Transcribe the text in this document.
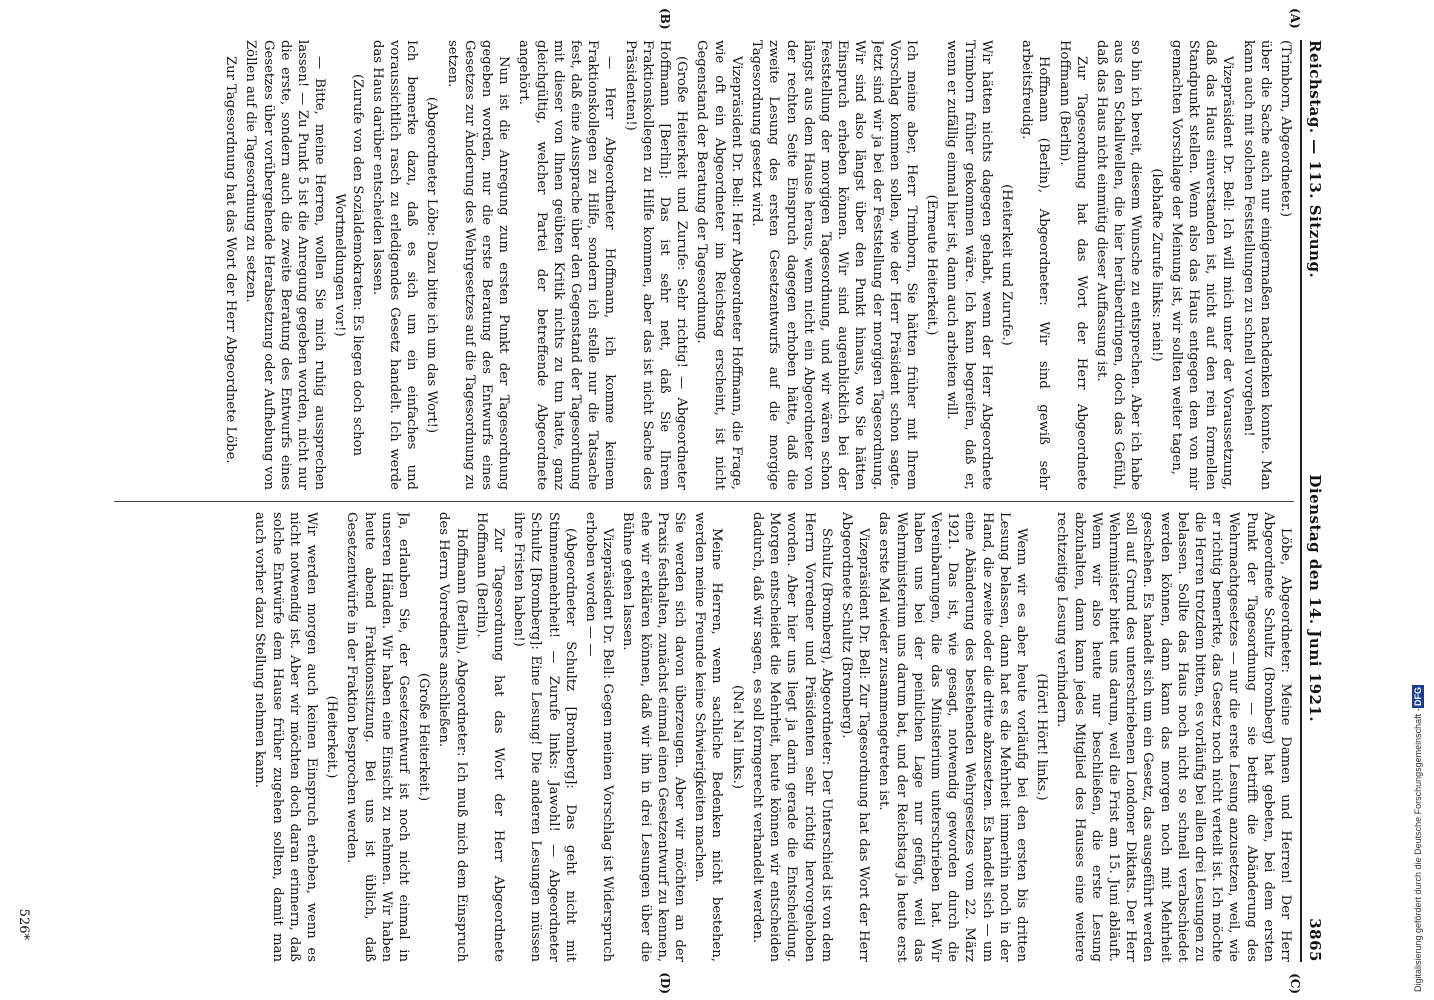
Reichstag. — 113. Sitzung.
Dienstag den 14. Juni 1921.
3865

(Trimborn, Abgeordneter.)

über die Sache auch nur einigermaßen nachdenken konnte. Man kann auch mit solchen Feststellungen zu schnell vorgehen!

Vizepräsident Dr. Bell: Ich will mich unter der Voraussetzung, daß das Haus einverstanden ist, nicht auf den rein formellen Standpunkt stellen. Wenn also das Haus entgegen dem von mir gemachten Vorschlage der Meinung ist, wir sollten weiter tagen,

(lebhafte Zurufe links: nein!)

so bin ich bereit, diesem Wunsche zu entsprechen. Aber ich habe aus den Schallwellen, die hier herüberdringen, doch das Gefühl, daß das Haus nicht einmütig dieser Auffassung ist.

Zur Tagesordnung hat das Wort der Herr Abgeordnete Hoffmann (Berlin).

Hoffmann (Berlin), Abgeordneter: Wir sind gewiß sehr arbeitsfreudig.

(Heiterkeit und Zurufe.)

Wir hätten nichts dagegen gehabt, wenn der Herr Abgeordnete Trimborn früher gekommen wäre. Ich kann begreifen, daß er, wenn er zufällig einmal hier ist, dann auch arbeiten will.

(Erneute Heiterkeit.)

Ich meine aber, Herr Trimborn, Sie hätten früher mit Ihrem Vorschlag kommen sollen, wie der Herr Präsident schon sagte. Jetzt sind wir ja bei der Feststellung der morgigen Tagesordnung. Wir sind also längst über den Punkt hinaus, wo Sie hätten Einspruch erheben können. Wir sind augenblicklich bei der Feststellung der morgigen Tagesordnung, und wir wären schon längst aus dem Hause heraus, wenn nicht ein Abgeordneter von der rechten Seite Einspruch dagegen erhoben hätte, daß die zweite Lesung des ersten Gesetzentwurfs auf die morgige Tagesordnung gesetzt wird.

Vizepräsident Dr. Bell: Herr Abgeordneter Hoffmann, die Frage, wie oft ein Abgeordneter im Reichstag erscheint, ist nicht Gegenstand der Beratung der Tagesordnung.

(Große Heiterkeit und Zurufe: Sehr richtig! — Abgeordneter Hoffmann [Berlin]: Das ist sehr nett, daß Sie Ihrem Fraktionskollegen zu Hilfe kommen, aber das ist nicht Sache des Präsidenten!)

— Herr Abgeordneter Hoffmann, ich komme keinem Fraktionskollegen zu Hilfe, sondern ich stelle nur die Tatsache fest, daß eine Aussprache über den Gegenstand der Tagesordnung mit dieser von Ihnen geübten Kritik nichts zu tun hatte, ganz gleichgültig, welcher Partei der betreffende Abgeordnete angehört.

Nun ist die Anregung zum ersten Punkt der Tagesordnung gegeben worden, nur die erste Beratung des Entwurfs eines Gesetzes zur Änderung des Wehrgesetzes auf die Tagesordnung zu setzen.

(Abgeordneter Löbe: Dazu bitte ich um das Wort!)

Ich bemerke dazu, daß es sich um ein einfaches und voraussichtlich rasch zu erledigendes Gesetz handelt. Ich werde das Haus darüber entscheiden lassen.

(Zurufe von den Sozialdemokraten: Es liegen doch schon Wortmeldungen vor!)

— Bitte, meine Herren, wollen Sie mich ruhig aussprechen lassen! — Zu Punkt 5 ist die Anregung gegeben worden, nicht nur die erste, sondern auch die zweite Beratung des Entwurfs eines Gesetzes über vorübergehende Herabsetzung oder Aufhebung von Zöllen auf die Tagesordnung zu setzen.

Zur Tagesordnung hat das Wort der Herr Abgeordnete Löbe.

Löbe, Abgeordneter: Meine Damen und Herren! Der Herr Abgeordnete Schultz (Bromberg) hat gebeten, bei dem ersten Punkt der Tagesordnung — sie betrifft die Abänderung des Wehrmachtgesetzes — nur die erste Lesung anzusetzen, weil, wie er richtig bemerkte, das Gesetz noch nicht verteilt ist. Ich möchte die Herren trotzdem bitten, es vorläufig bei allen drei Lesungen zu belassen. Sollte das Haus noch nicht so schnell verabschiedet werden können, dann kann das morgen noch mit Mehrheit geschehen. Es handelt sich um ein Gesetz, das ausgeführt werden soll auf Grund des unterschriebenen Londoner Diktats. Der Herr Wehrminister bittet uns darum, weil die Frist am 15. Juni abläuft. Wenn wir also heute nur beschließen, die erste Lesung abzuhalten, dann kann jedes Mitglied des Hauses eine weitere rechtzeitige Lesung verhindern.

(Hört! Hört! links.)

Wenn wir es aber heute vorläufig bei den ersten bis dritten Lesung belassen, dann hat es die Mehrheit immerhin noch in der Hand, die zweite oder die dritte abzusetzen. Es handelt sich — um eine Abänderung des bestehenden Wehrgesetzes vom 22. März 1921. Das ist, wie gesagt, notwendig geworden durch die Vereinbarungen, die das Ministerium unterschrieben hat. Wir haben uns bei der peinlichen Lage nur gefügt, weil das Wehrministerium uns darum bat, und der Reichstag ja heute erst das erste Mal wieder zusammengetreten ist.

Vizepräsident Dr. Bell: Zur Tagesordnung hat das Wort der Herr Abgeordnete Schultz (Bromberg).

Schultz (Bromberg), Abgeordneter: Der Unterschied ist von dem Herrn Vorredner und Präsidenten sehr richtig hervorgehoben worden. Aber hier uns liegt ja darin gerade die Entscheidung. Morgen entscheidet die Mehrheit, heute können wir entscheiden dadurch, daß wir sagen, es soll formgerecht verhandelt werden.

(Na! Na! links.)

Meine Herren, wenn sachliche Bedenken nicht bestehen, werden meine Freunde keine Schwierigkeiten machen.

Sie werden sich davon überzeugen. Aber wir möchten an der Praxis festhalten, zunächst einmal einen Gesetzentwurf zu kennen, ehe wir erklären können, daß wir ihn in drei Lesungen über die Bühne gehen lassen.

Vizepräsident Dr. Bell: Gegen meinen Vorschlag ist Widerspruch erhoben worden — —

(Abgeordneter Schultz [Bromberg]: Das geht nicht mit Stimmenmehrheit! — Zurufe links: Jawohl! — Abgeordneter Schultz [Bromberg]: Eine Lesung! Die anderen Lesungen müssen ihre Fristen haben!)

Zur Tagesordnung hat das Wort der Herr Abgeordnete Hoffmann (Berlin).

Hoffmann (Berlin), Abgeordneter: Ich muß mich dem Einspruch des Herrn Vorredners anschließen.

(Große Heiterkeit.)

Ja, erlauben Sie, der Gesetzentwurf ist noch nicht einmal in unseren Händen. Wir haben eine Einsicht zu nehmen. Wir haben heute abend Fraktionssitzung. Bei uns ist üblich, daß Gesetzentwürfe in der Fraktion besprochen werden.

(Heiterkeit.)

Wir werden morgen auch keinen Einspruch erheben, wenn es nicht notwendig ist. Aber wir möchten doch daran erinnern, daß solche Entwürfe dem Hause früher zugehen sollten, damit man auch vorher dazu Stellung nehmen kann.

(A)
(B)
(C)
(D)
526*	Digitalisierung gefördert durch die Deutsche Forschungsgemeinschaft -
DFG
